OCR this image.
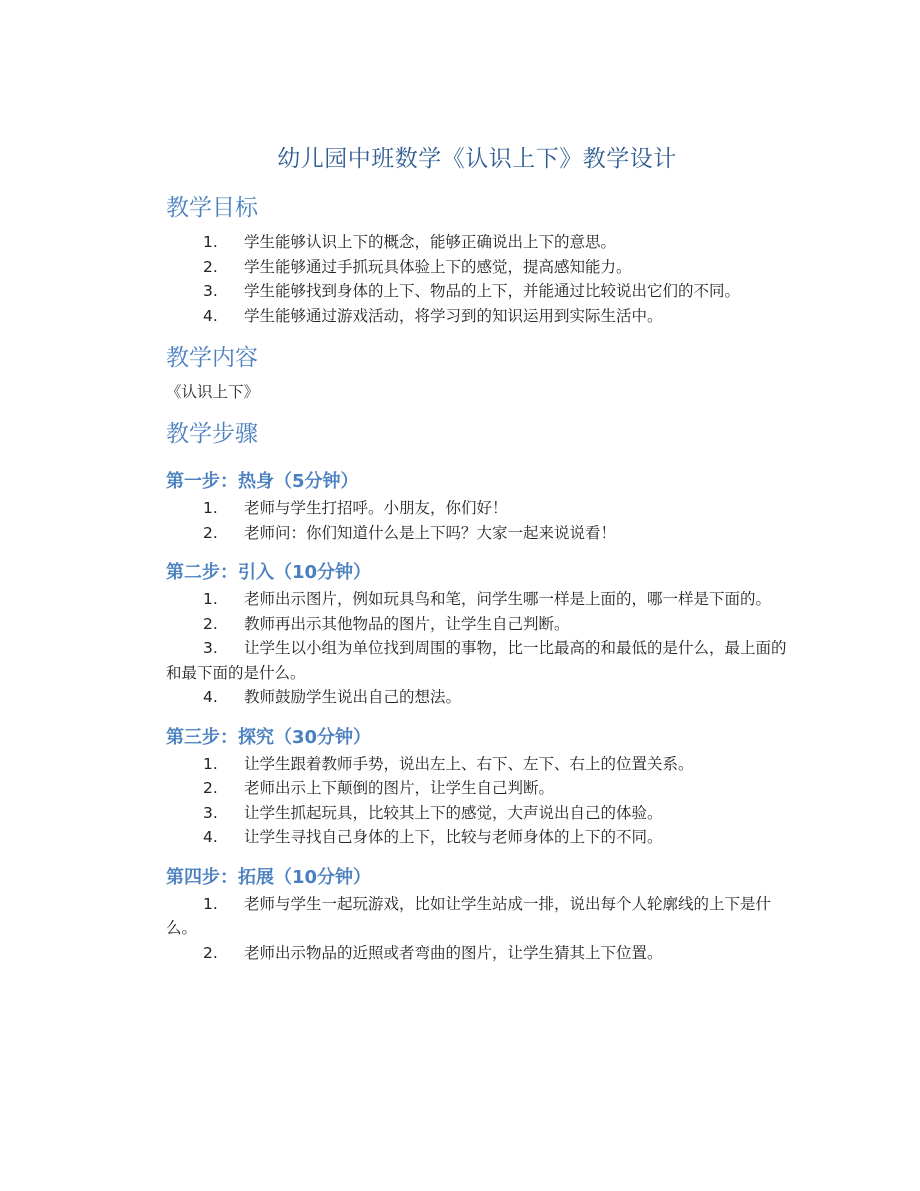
幼儿园中班数学《认识上下》教学设计
教学目标
1.	学生能够认识上下的概念，能够正确说出上下的意思。
2.	学生能够通过手抓玩具体验上下的感觉，提高感知能力。
3.	学生能够找到身体的上下、物品的上下，并能通过比较说出它们的不同。
4.	学生能够通过游戏活动，将学习到的知识运用到实际生活中。
教学内容

《认识上下》

教学步骤
第一步：热身（5分钟）
1.	老师与学生打招呼。小朋友，你们好！
2.	老师问：你们知道什么是上下吗？大家一起来说说看！
第二步：引入（10分钟）
1.	老师出示图片，例如玩具鸟和笔，问学生哪一样是上面的，哪一样是下面的。
2.	教师再出示其他物品的图片，让学生自己判断。
3.	让学生以小组为单位找到周围的事物，比一比最高的和最低的是什么，最上面的和最下面的是什么。
4.	教师鼓励学生说出自己的想法。
第三步：探究（30分钟）
1.	让学生跟着教师手势，说出左上、右下、左下、右上的位置关系。
2.	老师出示上下颠倒的图片，让学生自己判断。
3.	让学生抓起玩具，比较其上下的感觉，大声说出自己的体验。
4.	让学生寻找自己身体的上下，比较与老师身体的上下的不同。
第四步：拓展（10分钟）
1.	老师与学生一起玩游戏，比如让学生站成一排，说出每个人轮廓线的上下是什么。
2.	老师出示物品的近照或者弯曲的图片，让学生猜其上下位置。
